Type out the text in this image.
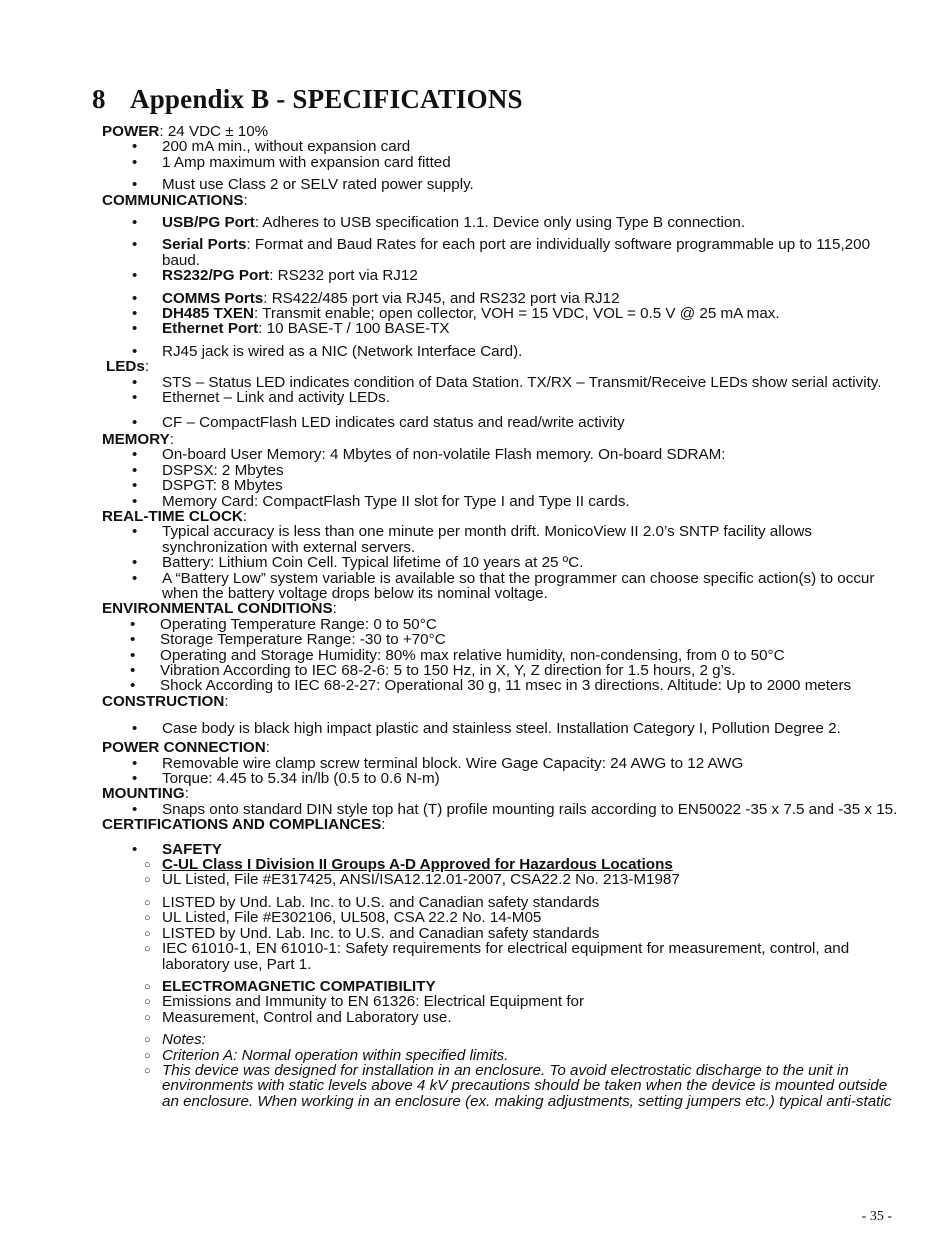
8 Appendix B - SPECIFICATIONS

POWER: 24 VDC ± 10%

• 200 mA min., without expansion card
• 1 Amp maximum with expansion card fitted
• Must use Class 2 or SELV rated power supply.

COMMUNICATIONS:

• USB/PG Port: Adheres to USB specification 1.1. Device only using Type B connection.
• Serial Ports: Format and Baud Rates for each port are individually software programmable up to 115,200 baud.
• RS232/PG Port: RS232 port via RJ12
• COMMS Ports: RS422/485 port via RJ45, and RS232 port via RJ12
• DH485 TXEN: Transmit enable; open collector, VOH = 15 VDC, VOL = 0.5 V @ 25 mA max.
• Ethernet Port: 10 BASE-T / 100 BASE-TX
• RJ45 jack is wired as a NIC (Network Interface Card).

LEDs:

• STS – Status LED indicates condition of Data Station. TX/RX – Transmit/Receive LEDs show serial activity.
• Ethernet – Link and activity LEDs.
• CF – CompactFlash LED indicates card status and read/write activity

MEMORY:

• On-board User Memory: 4 Mbytes of non-volatile Flash memory. On-board SDRAM:
• DSPSX: 2 Mbytes
• DSPGT: 8 Mbytes
• Memory Card: CompactFlash Type II slot for Type I and Type II cards.

REAL-TIME CLOCK:

• Typical accuracy is less than one minute per month drift. MonicoView II 2.0’s SNTP facility allows synchronization with external servers.
• Battery: Lithium Coin Cell. Typical lifetime of 10 years at 25 ºC.
• A “Battery Low” system variable is available so that the programmer can choose specific action(s) to occur when the battery voltage drops below its nominal voltage.

ENVIRONMENTAL CONDITIONS:

• Operating Temperature Range: 0 to 50°C
• Storage Temperature Range: -30 to +70°C
• Operating and Storage Humidity: 80% max relative humidity, non-condensing, from 0 to 50°C
• Vibration According to IEC 68-2-6: 5 to 150 Hz, in X, Y, Z direction for 1.5 hours, 2 g’s.
• Shock According to IEC 68-2-27: Operational 30 g, 11 msec in 3 directions. Altitude: Up to 2000 meters

CONSTRUCTION:

• Case body is black high impact plastic and stainless steel. Installation Category I, Pollution Degree 2.

POWER CONNECTION:

• Removable wire clamp screw terminal block. Wire Gage Capacity: 24 AWG to 12 AWG
• Torque: 4.45 to 5.34 in/lb (0.5 to 0.6 N-m)

MOUNTING:

• Snaps onto standard DIN style top hat (T) profile mounting rails according to EN50022 -35 x 7.5 and -35 x 15.

CERTIFICATIONS AND COMPLIANCES:

• SAFETY
○ C-UL Class I Division II Groups A-D Approved for Hazardous Locations
○ UL Listed, File #E317425, ANSI/ISA12.12.01-2007, CSA22.2 No. 213-M1987
○ LISTED by Und. Lab. Inc. to U.S. and Canadian safety standards
○ UL Listed, File #E302106, UL508, CSA 22.2 No. 14-M05
○ LISTED by Und. Lab. Inc. to U.S. and Canadian safety standards
○ IEC 61010-1, EN 61010-1: Safety requirements for electrical equipment for measurement, control, and laboratory use, Part 1.
○ ELECTROMAGNETIC COMPATIBILITY
○ Emissions and Immunity to EN 61326: Electrical Equipment for
○ Measurement, Control and Laboratory use.
○ Notes:
○ Criterion A: Normal operation within specified limits.
○ This device was designed for installation in an enclosure. To avoid electrostatic discharge to the unit in environments with static levels above 4 kV precautions should be taken when the device is mounted outside an enclosure. When working in an enclosure (ex. making adjustments, setting jumpers etc.) typical anti-static
- 35 -
